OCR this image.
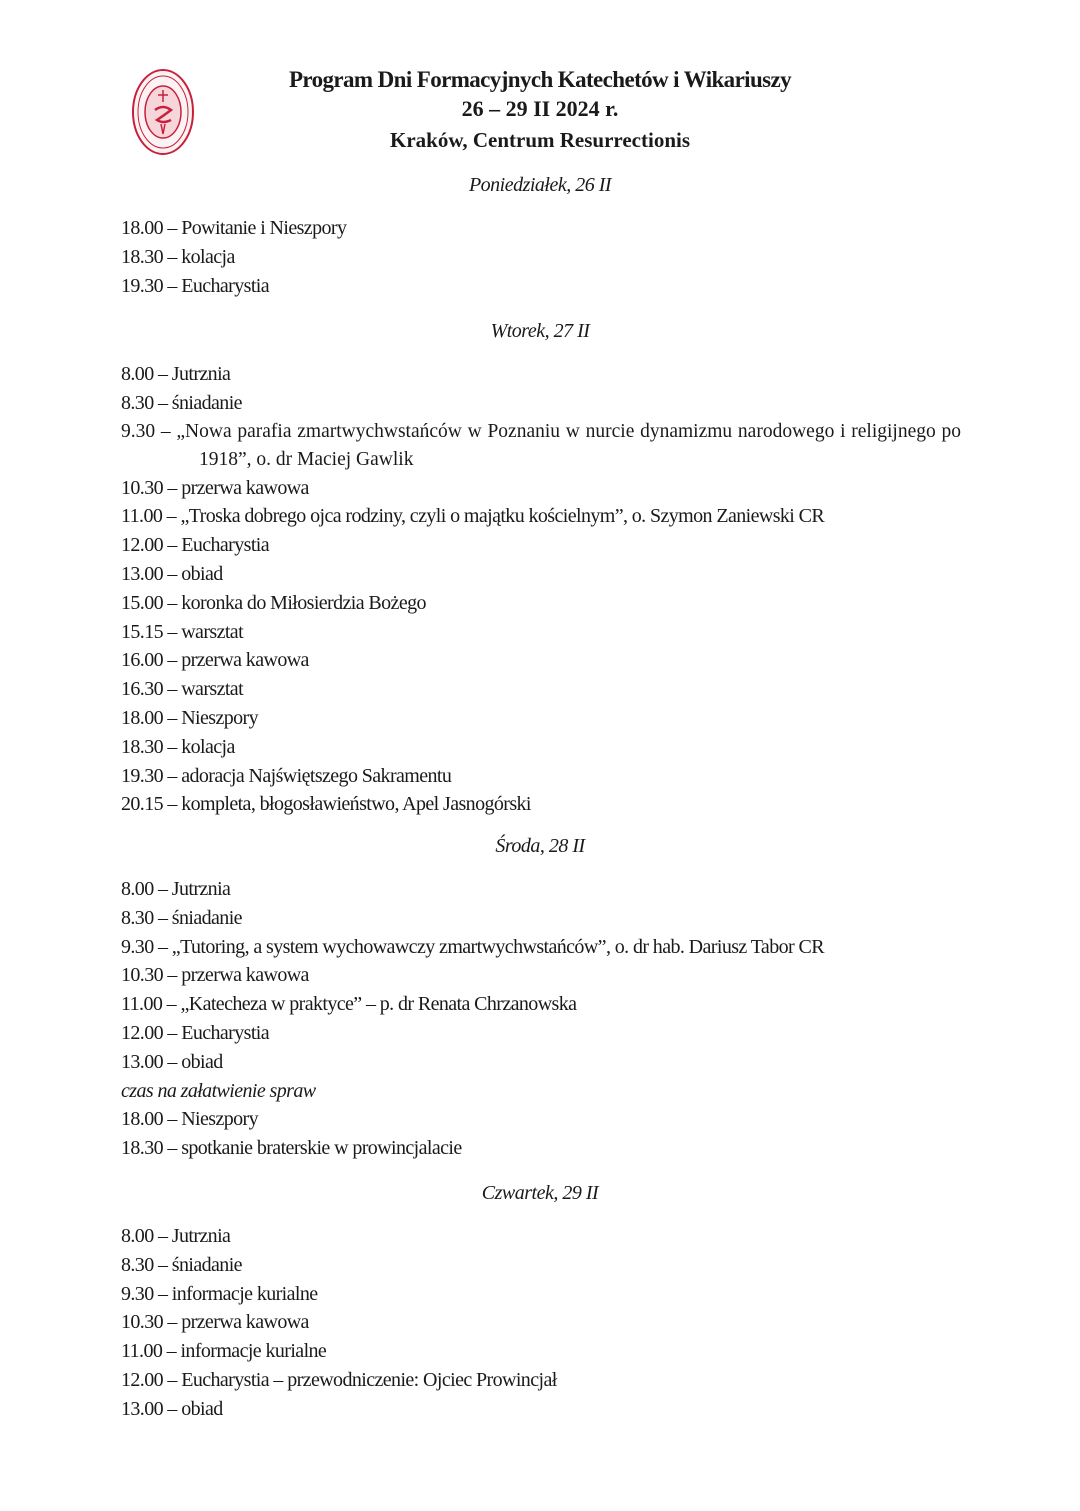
Program Dni Formacyjnych Katechetów i Wikariuszy
26 – 29 II 2024 r.
Kraków, Centrum Resurrectionis
Poniedziałek, 26 II
18.00 – Powitanie i Nieszpory
18.30 – kolacja
19.30 – Eucharystia
Wtorek, 27 II
8.00 – Jutrznia
8.30 – śniadanie
9.30 – „Nowa parafia zmartwychwstańców w Poznaniu w nurcie dynamizmu narodowego i religijnego po 1918”, o. dr Maciej Gawlik
10.30 – przerwa kawowa
11.00 – „Troska dobrego ojca rodziny, czyli o majątku kościelnym”, o. Szymon Zaniewski CR
12.00 – Eucharystia
13.00 – obiad
15.00 – koronka do Miłosierdzia Bożego
15.15 – warsztat
16.00 – przerwa kawowa
16.30 – warsztat
18.00 – Nieszpory
18.30 – kolacja
19.30 – adoracja Najświętszego Sakramentu
20.15 – kompleta, błogosławieństwo, Apel Jasnogórski
Środa, 28 II
8.00 – Jutrznia
8.30 – śniadanie
9.30 – „Tutoring, a system wychowawczy zmartwychwstańców”, o. dr hab. Dariusz Tabor CR
10.30 – przerwa kawowa
11.00 – „Katecheza w praktyce” – p. dr Renata Chrzanowska
12.00 – Eucharystia
13.00 – obiad
czas na załatwienie spraw
18.00 – Nieszpory
18.30 – spotkanie braterskie w prowincjalacie
Czwartek, 29 II
8.00 – Jutrznia
8.30 – śniadanie
9.30 – informacje kurialne
10.30 – przerwa kawowa
11.00 – informacje kurialne
12.00 – Eucharystia – przewodniczenie: Ojciec Prowincjał
13.00 – obiad
